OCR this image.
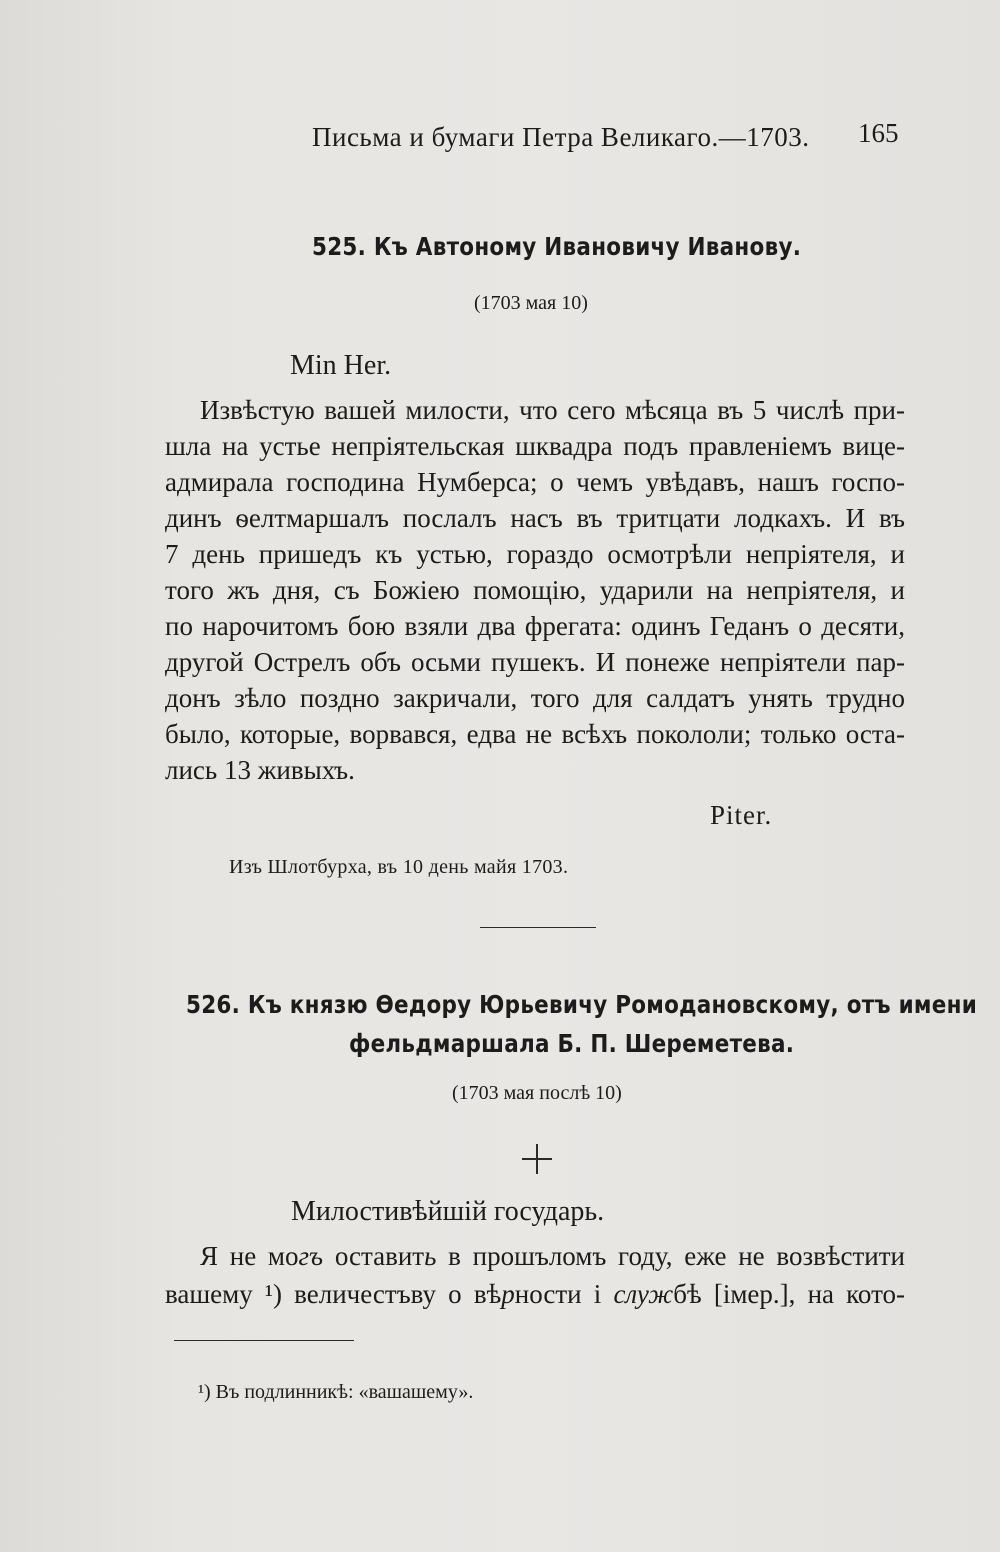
Письма и бумаги Петра Великаго.—1703. 165
525. Къ Автоному Ивановичу Иванову.
(1703 мая 10)
Min Her.
Извѣстую вашей милости, что сего мѣсяца въ 5 числѣ при-
шла на устье непріятельская шквадра подъ правленіемъ вице-
адмирала господина Нумберса; о чемъ увѣдавъ, нашъ госпо-
динъ ѳелтмаршалъ послалъ насъ въ тритцати лодкахъ. И въ
7 день пришедъ къ устью, гораздо осмотрѣли непріятеля, и
того жъ дня, съ Божіею помощію, ударили на непріятеля, и
по нарочитомъ бою взяли два фрегата: одинъ Геданъ о десяти,
другой Острелъ объ осьми пушекъ. И понеже непріятели пар-
донъ зѣло поздно закричали, того для салдатъ унять трудно
было, которые, ворвався, едва не всѣхъ покололи; только оста-
лись 13 живыхъ.
Piter.
Изъ Шлотбурха, въ 10 день майя 1703.
526. Къ князю Ѳедору Юрьевичу Ромодановскому, отъ имени
фельдмаршала Б. П. Шереметева.
(1703 мая послѣ 10)
Милостивѣйшій государь.
Я не могъ оставить в прошъломъ году, еже не возвѣстити
вашему ¹) величестъву о вѣрности і службѣ [імеp.], на кото-
¹) Въ подлинникѣ: «вашашему».
